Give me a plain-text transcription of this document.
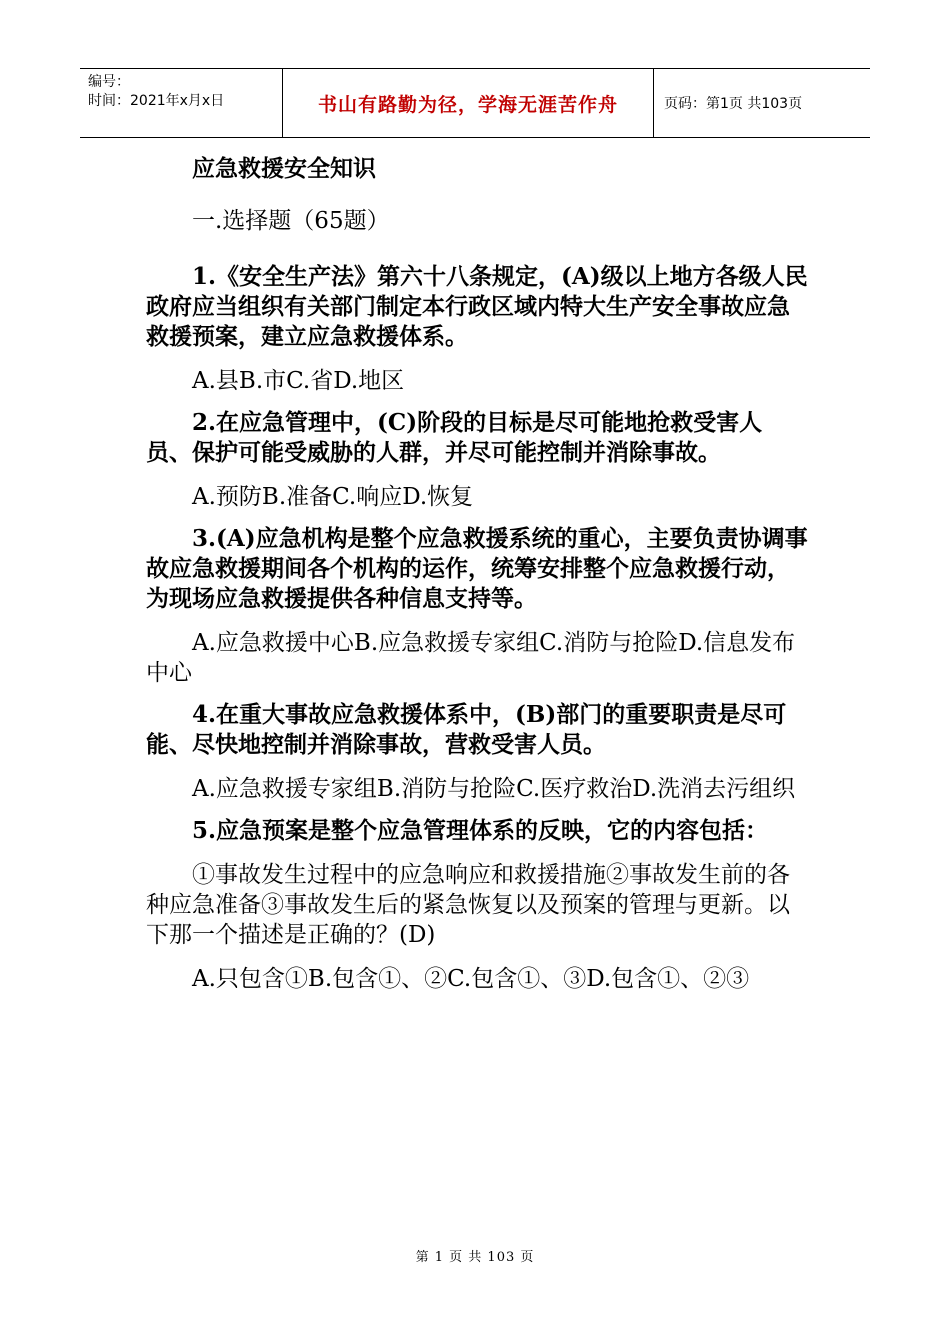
编号：
时间：2021年x月x日	书山有路勤为径，学海无涯苦作舟	页码：第1页 共103页

应急救援安全知识

一.选择题（65题）

1.《安全生产法》第六十八条规定，(A)级以上地方各级人民政府应当组织有关部门制定本行政区域内特大生产安全事故应急救援预案，建立应急救援体系。

A.县B.市C.省D.地区

2.在应急管理中，(C)阶段的目标是尽可能地抢救受害人员、保护可能受威胁的人群，并尽可能控制并消除事故。

A.预防B.准备C.响应D.恢复

3.(A)应急机构是整个应急救援系统的重心，主要负责协调事故应急救援期间各个机构的运作，统筹安排整个应急救援行动，为现场应急救援提供各种信息支持等。

A.应急救援中心B.应急救援专家组C.消防与抢险D.信息发布中心

4.在重大事故应急救援体系中，(B)部门的重要职责是尽可能、尽快地控制并消除事故，营救受害人员。

A.应急救援专家组B.消防与抢险C.医疗救治D.洗消去污组织

5.应急预案是整个应急管理体系的反映，它的内容包括：

①事故发生过程中的应急响应和救援措施②事故发生前的各种应急准备③事故发生后的紧急恢复以及预案的管理与更新。以下那一个描述是正确的？(D)

A.只包含①B.包含①、②C.包含①、③D.包含①、②③

第 1 页 共 103 页
